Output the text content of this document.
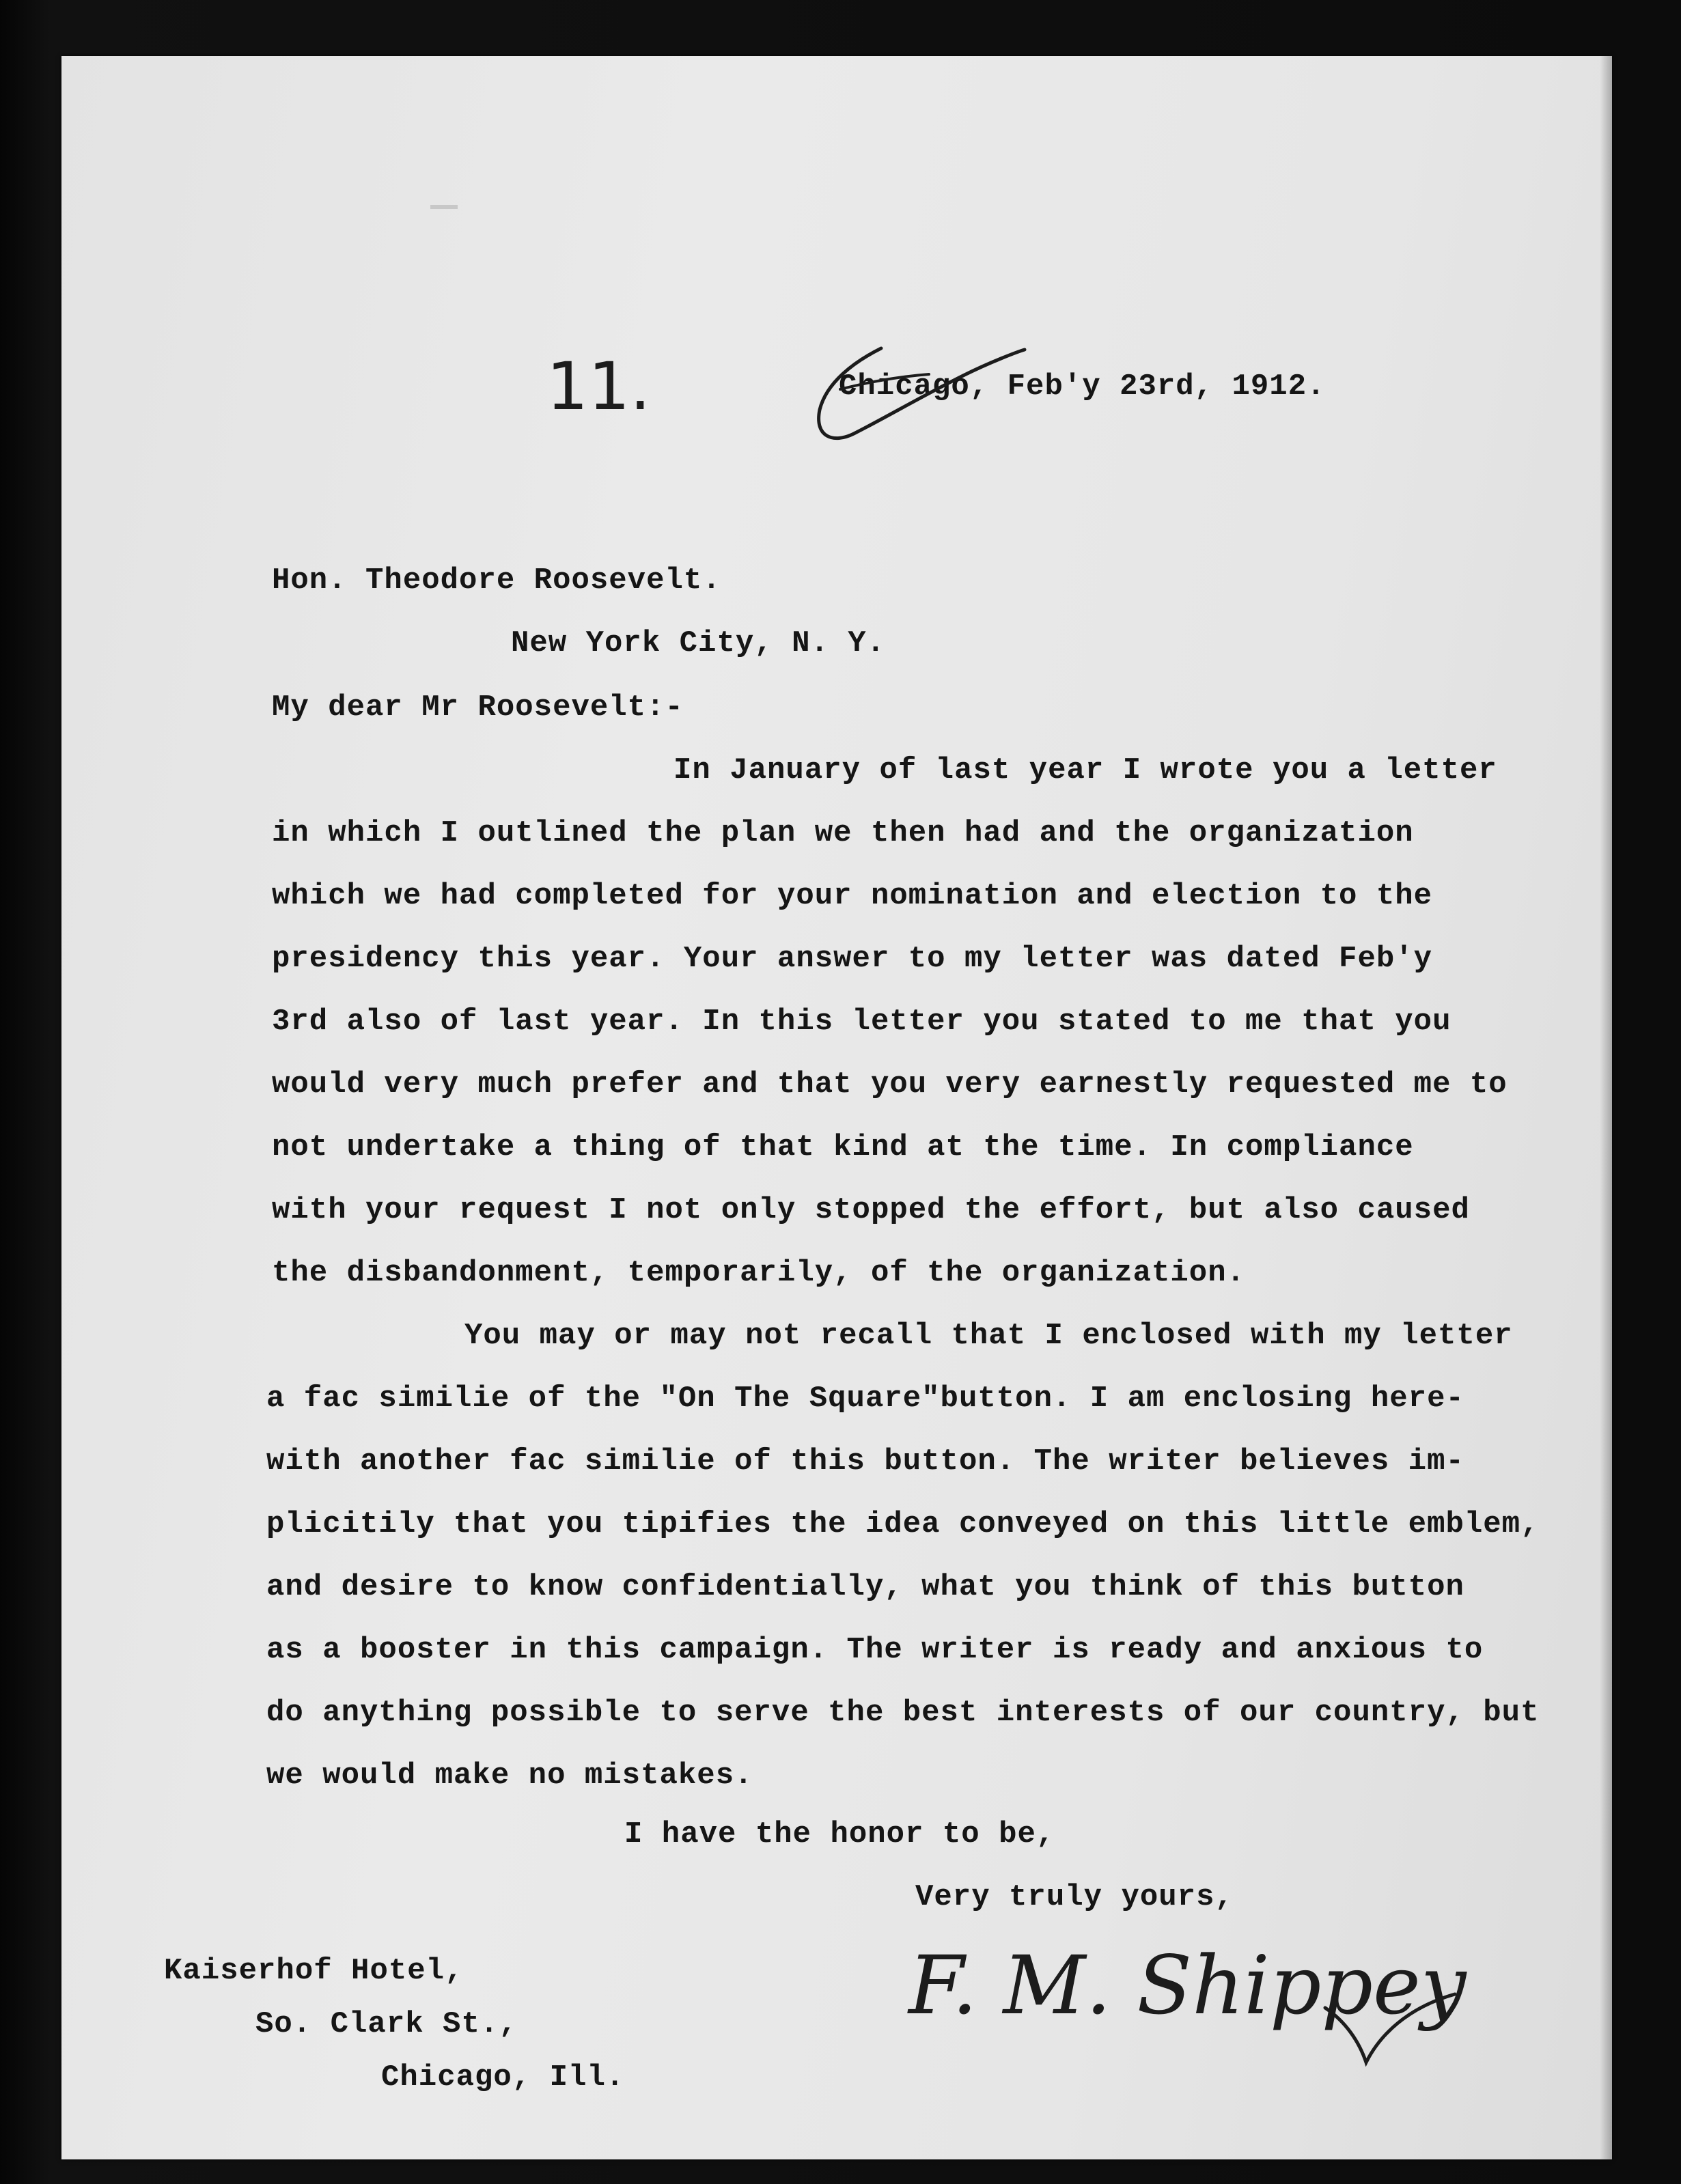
11.	Chicago, Feb'y 23rd, 1912.
Hon. Theodore Roosevelt.
New York City, N. Y.
My dear Mr Roosevelt:-
In January of last year I wrote you a letter
in which I outlined the plan we then had and the organization
which we had completed for your nomination and election to the
presidency this year. Your answer to my letter was dated Feb'y
3rd also of last year. In this letter you stated to me that you
would very much prefer and that you very earnestly requested me to
not undertake a thing of that kind at the time. In compliance
with your request I not only stopped the effort, but also caused
the disbandonment, temporarily, of the organization.
You may or may not recall that I enclosed with my letter
a fac similie of the "On The Square"button. I am enclosing here-
with another fac similie of this button. The writer believes im-
plicitily that you tipifies the idea conveyed on this little emblem,
and desire to know confidentially, what you think of this button
as a booster in this campaign. The writer is ready and anxious to
do anything possible to serve the best interests of our country, but
we would make no mistakes.
I have the honor to be,
Very truly yours,
F. M. Shippey
Kaiserhof Hotel,
So. Clark St.,
Chicago, Ill.
